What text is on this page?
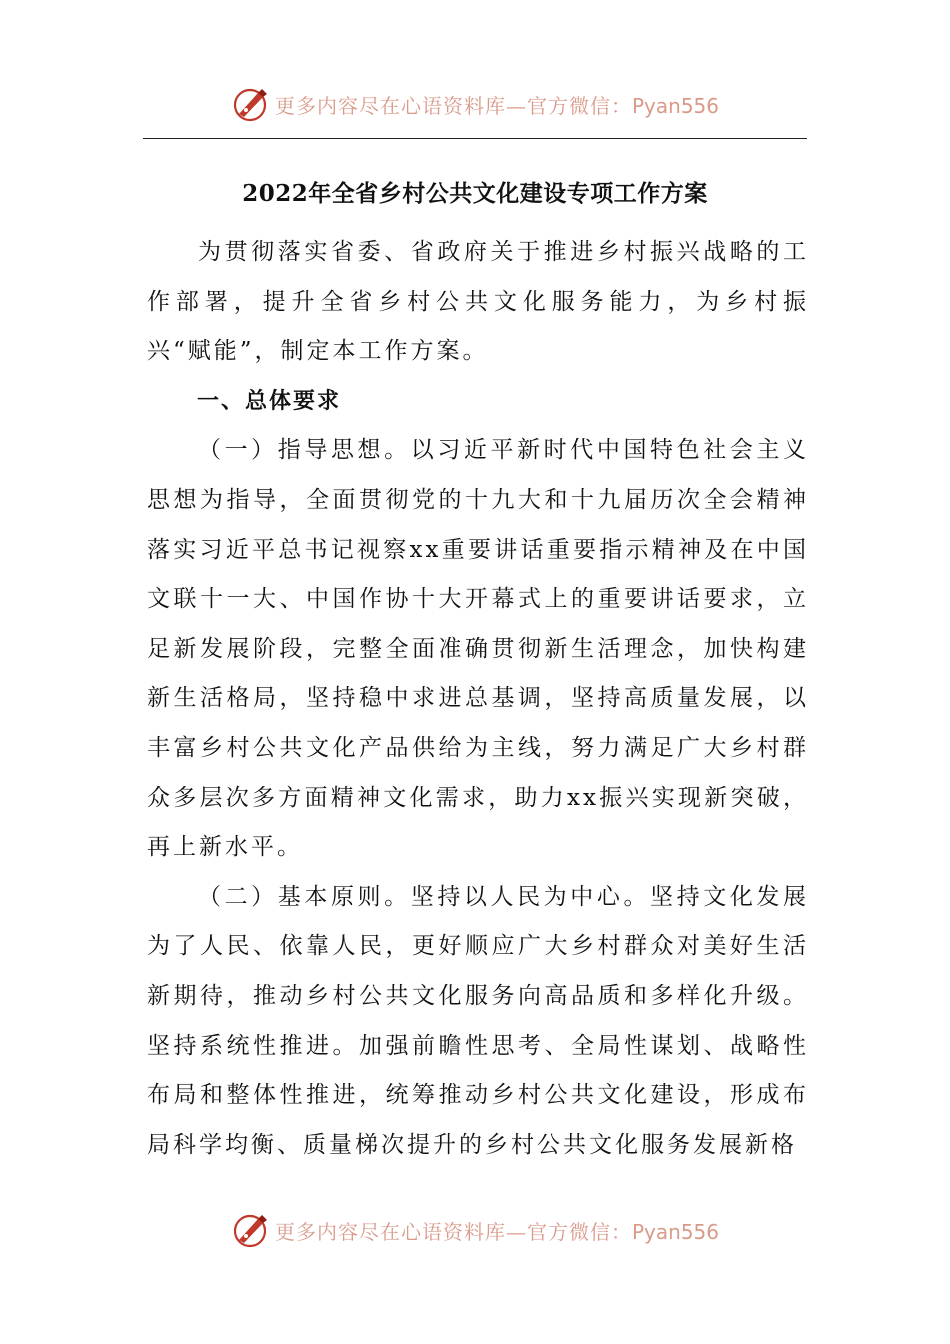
更多内容尽在心语资料库—官方微信：Pyan556
2022年全省乡村公共文化建设专项工作方案

为贯彻落实省委、省政府关于推进乡村振兴战略的工作部署，提升全省乡村公共文化服务能力，为乡村振兴“赋能”，制定本工作方案。

一、总体要求

（一）指导思想。以习近平新时代中国特色社会主义思想为指导，全面贯彻党的十九大和十九届历次全会精神落实习近平总书记视察xx重要讲话重要指示精神及在中国文联十一大、中国作协十大开幕式上的重要讲话要求，立足新发展阶段，完整全面准确贯彻新生活理念，加快构建新生活格局，坚持稳中求进总基调，坚持高质量发展，以丰富乡村公共文化产品供给为主线，努力满足广大乡村群众多层次多方面精神文化需求，助力xx振兴实现新突破，再上新水平。

（二）基本原则。坚持以人民为中心。坚持文化发展为了人民、依靠人民，更好顺应广大乡村群众对美好生活新期待，推动乡村公共文化服务向高品质和多样化升级。坚持系统性推进。加强前瞻性思考、全局性谋划、战略性布局和整体性推进，统筹推动乡村公共文化建设，形成布局科学均衡、质量梯次提升的乡村公共文化服务发展新格

更多内容尽在心语资料库—官方微信：Pyan556
